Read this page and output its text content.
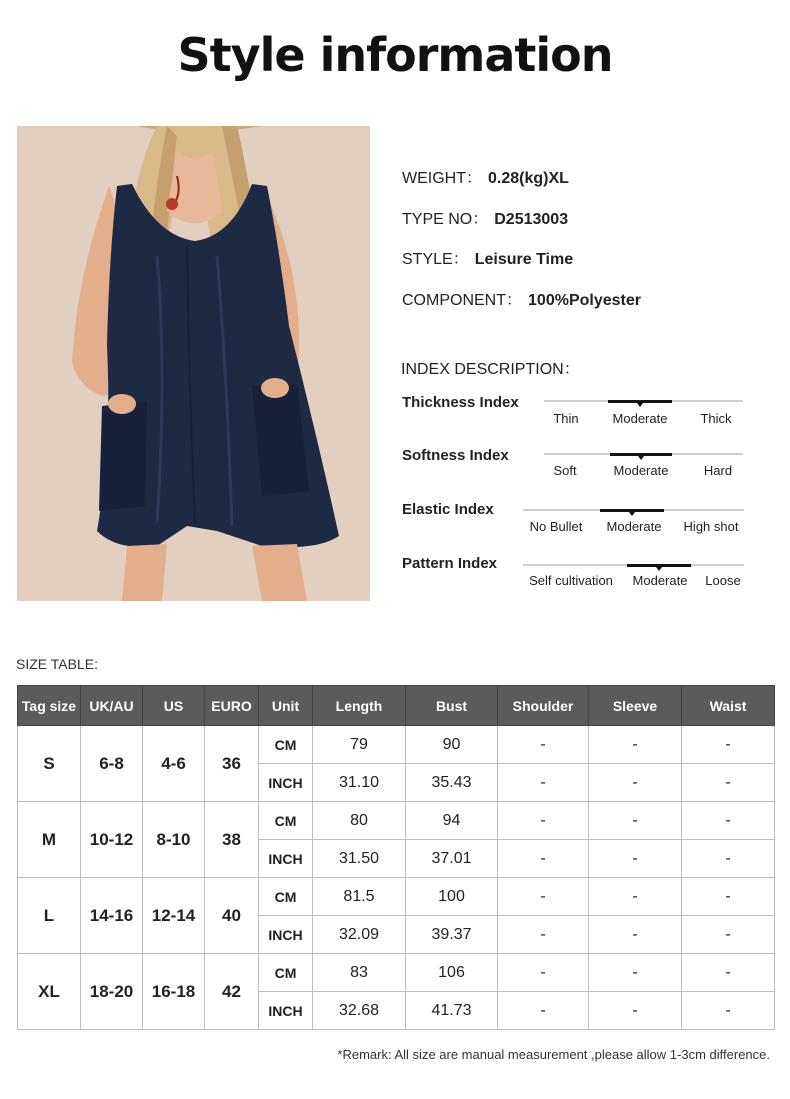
Style information
WEIGHT： 0.28(kg)XL
TYPE NO： D2513003
STYLE： Leisure Time
COMPONENT： 100%Polyester
INDEX DESCRIPTION：
Thickness Index
Thin	Moderate	Thick
Softness Index
Soft	Moderate	Hard
Elastic Index
No Bullet Moderate High shot
Pattern Index
Self cultivation Moderate Loose
SIZE TABLE:
Tag size	UK/AU	US	EURO	Unit	Length	Bust	Shoulder	Sleeve	Waist
S	6-8	4-6	36	CM	79	90	-	-	-
				INCH	31.10	35.43	-	-	-
M	10-12	8-10	38	CM	80	94	-	-	-
				INCH	31.50	37.01	-	-	-
L	14-16	12-14	40	CM	81.5	100	-	-	-
				INCH	32.09	39.37	-	-	-
XL	18-20	16-18	42	CM	83	106	-	-	-
				INCH	32.68	41.73	-	-	-
*Remark: All size are manual measurement ,please allow 1-3cm difference.
